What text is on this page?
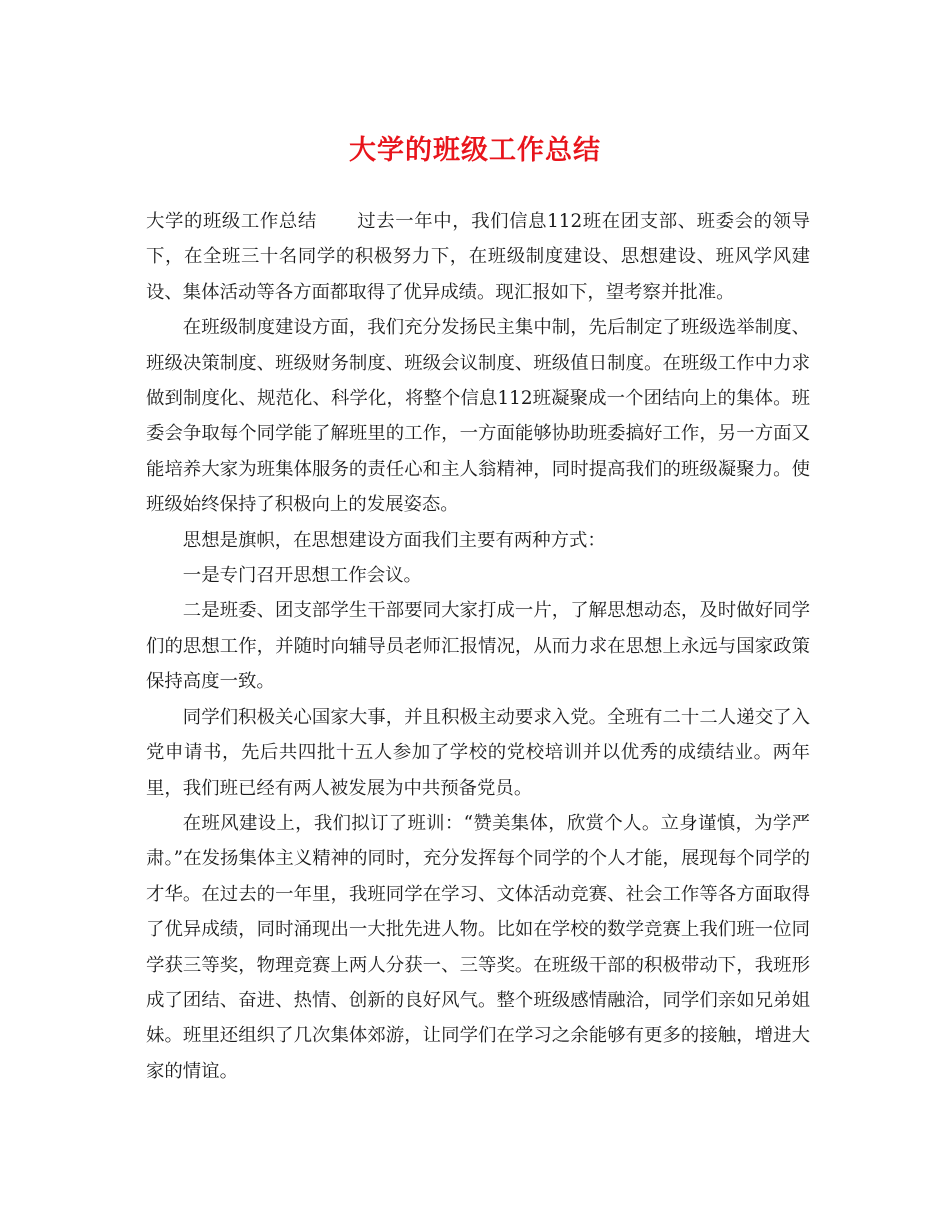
大学的班级工作总结

大学的班级工作总结 过去一年中，我们信息112班在团支部、班委会的领导下，在全班三十名同学的积极努力下，在班级制度建设、思想建设、班风学风建设、集体活动等各方面都取得了优异成绩。现汇报如下，望考察并批准。

在班级制度建设方面，我们充分发扬民主集中制，先后制定了班级选举制度、班级决策制度、班级财务制度、班级会议制度、班级值日制度。在班级工作中力求做到制度化、规范化、科学化，将整个信息112班凝聚成一个团结向上的集体。班委会争取每个同学能了解班里的工作，一方面能够协助班委搞好工作，另一方面又能培养大家为班集体服务的责任心和主人翁精神，同时提高我们的班级凝聚力。使班级始终保持了积极向上的发展姿态。

思想是旗帜，在思想建设方面我们主要有两种方式：

一是专门召开思想工作会议。

二是班委、团支部学生干部要同大家打成一片，了解思想动态，及时做好同学们的思想工作，并随时向辅导员老师汇报情况，从而力求在思想上永远与国家政策保持高度一致。

同学们积极关心国家大事，并且积极主动要求入党。全班有二十二人递交了入党申请书，先后共四批十五人参加了学校的党校培训并以优秀的成绩结业。两年里，我们班已经有两人被发展为中共预备党员。

在班风建设上，我们拟订了班训：“赞美集体，欣赏个人。立身谨慎，为学严肃。”在发扬集体主义精神的同时，充分发挥每个同学的个人才能，展现每个同学的才华。在过去的一年里，我班同学在学习、文体活动竞赛、社会工作等各方面取得了优异成绩，同时涌现出一大批先进人物。比如在学校的数学竞赛上我们班一位同学获三等奖，物理竞赛上两人分获一、三等奖。在班级干部的积极带动下，我班形成了团结、奋进、热情、创新的良好风气。整个班级感情融洽，同学们亲如兄弟姐妹。班里还组织了几次集体郊游，让同学们在学习之余能够有更多的接触，增进大家的情谊。
